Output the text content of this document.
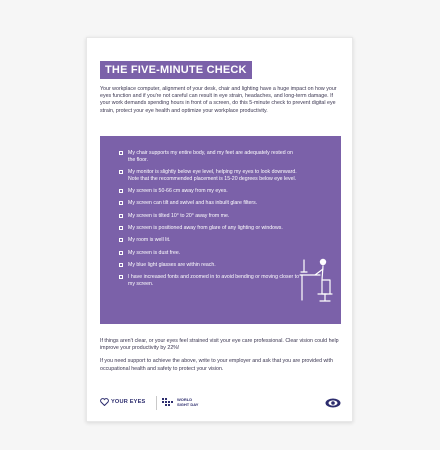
THE FIVE-MINUTE CHECK
Your workplace computer, alignment of your desk, chair and lighting have a huge impact on how your eyes function and if you're not careful can result in eye strain, headaches, and long-term damage. If your work demands spending hours in front of a screen, do this 5-minute check to prevent digital eye strain, protect your eye health and optimize your workplace productivity.
My chair supports my entire body, and my feet are adequately rested on the floor.
My monitor is slightly below eye level, helping my eyes to look downward. Note that the recommended placement is 15-20 degrees below eye level.
My screen is 50-66 cm away from my eyes.
My screen can tilt and swivel and has inbuilt glare filters.
My screen is tilted 10° to 20° away from me.
My screen is positioned away from glare of any lighting or windows.
My room is well lit.
My screen is dust free.
My blue light glasses are within reach.
I have increased fonts and zoomed in to avoid bending or moving closer to my screen.

If things aren't clear, or your eyes feel strained visit your eye care professional. Clear vision could help improve your productivity by 22%!

If you need support to achieve the above, write to your employer and ask that you are provided with occupational health and safety to protect your vision.

YOUR EYES	WORLD
SIGHT DAY
